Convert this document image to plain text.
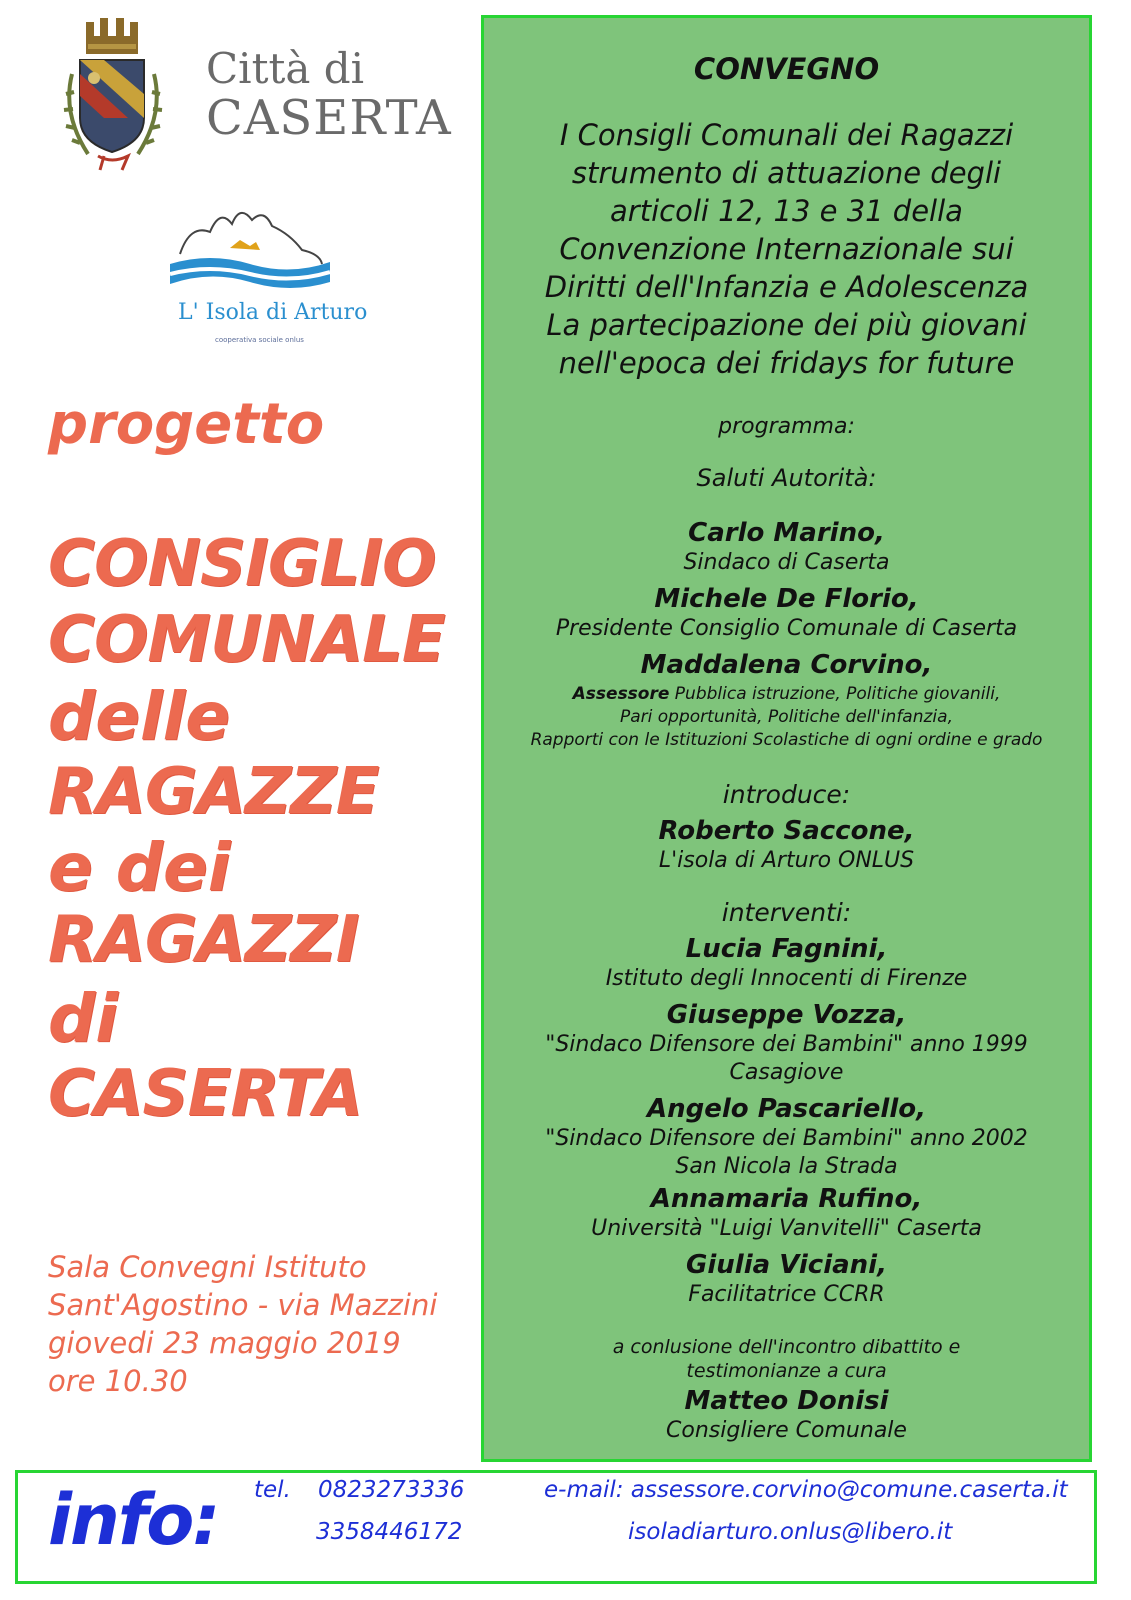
Città di
CASERTA
L' Isola di Arturo
cooperativa sociale onlus
progetto
CONSIGLIO
COMUNALE
delle
RAGAZZE
e dei
RAGAZZI
di
CASERTA
Sala Convegni Istituto
Sant'Agostino - via Mazzini
giovedi 23 maggio 2019
ore 10.30
CONVEGNO
I Consigli Comunali dei Ragazzi
strumento di attuazione degli
articoli 12, 13 e 31 della
Convenzione Internazionale sui
Diritti dell'Infanzia e Adolescenza
La partecipazione dei più giovani
nell'epoca dei fridays for future
programma:
Saluti Autorità:
Carlo Marino,
Sindaco di Caserta
Michele De Florio,
Presidente Consiglio Comunale di Caserta
Maddalena Corvino,
Assessore Pubblica istruzione, Politiche giovanili,
Pari opportunità, Politiche dell'infanzia,
Rapporti con le Istituzioni Scolastiche di ogni ordine e grado
introduce:
Roberto Saccone,
L'isola di Arturo ONLUS
interventi:
Lucia Fagnini,
Istituto degli Innocenti di Firenze
Giuseppe Vozza,
"Sindaco Difensore dei Bambini" anno 1999
Casagiove
Angelo Pascariello,
"Sindaco Difensore dei Bambini" anno 2002
San Nicola la Strada
Annamaria Rufino,
Università "Luigi Vanvitelli" Caserta
Giulia Viciani,
Facilitatrice CCRR
a conlusione dell'incontro dibattito e
testimonianze a cura
Matteo Donisi
Consigliere Comunale
info: tel. 0823273336
3358446172
e-mail: assessore.corvino@comune.caserta.it
isoladiarturo.onlus@libero.it
